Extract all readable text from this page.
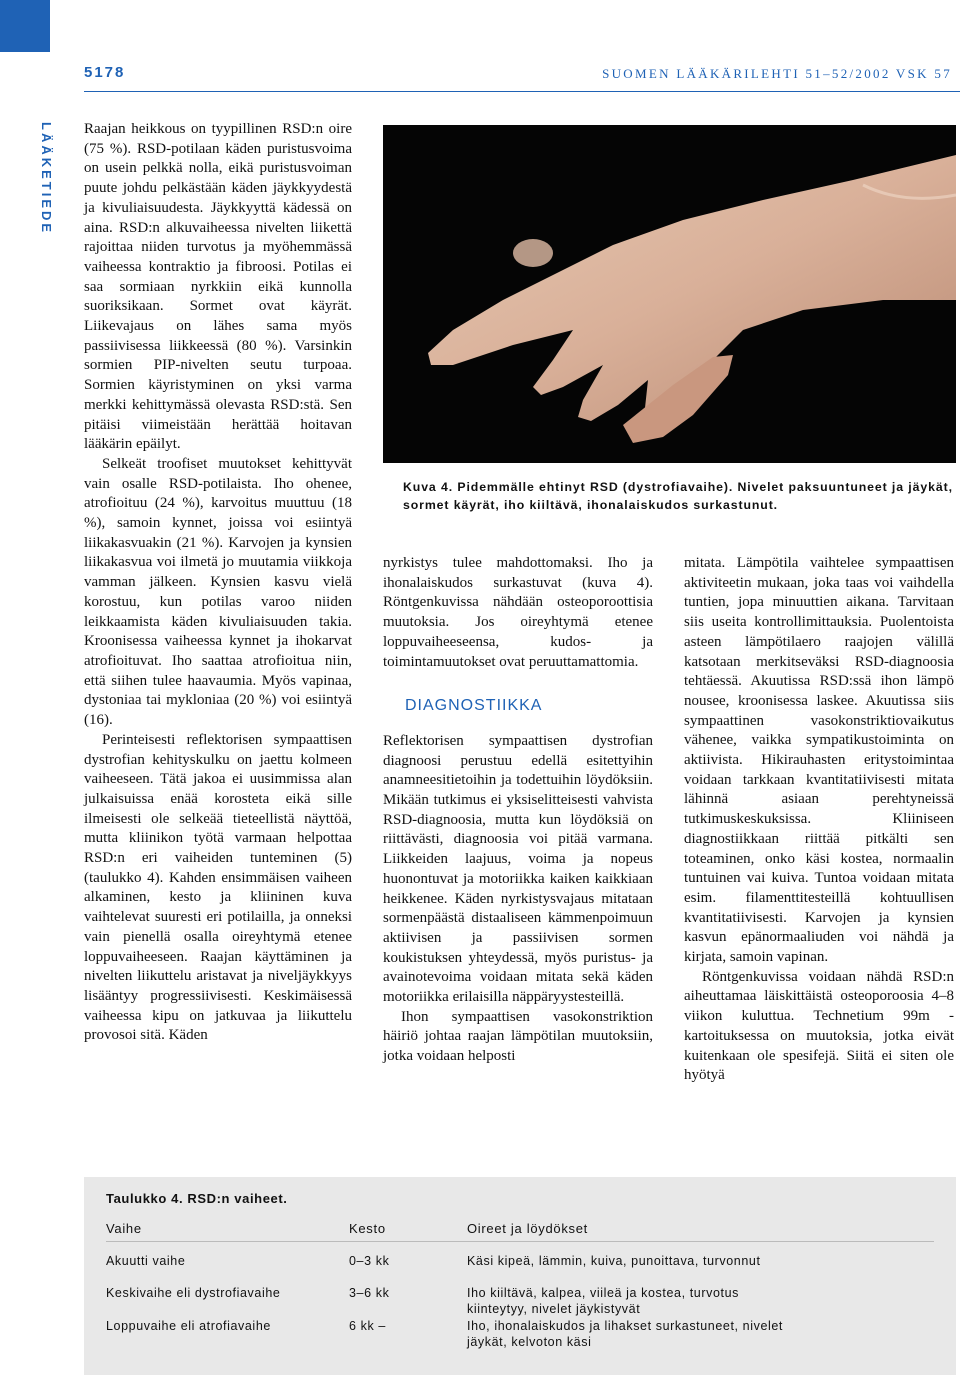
5178	SUOMEN LÄÄKÄRILEHTI 51–52/2002 VSK 57
LÄÄKETIEDE Raajan heikkous on tyypillinen RSD:n oire (75 %). RSD-potilaan käden puristusvoima on usein pelkkä nolla, eikä puristusvoiman puute johdu pelkästään käden jäykkyydestä ja kivuliaisuudesta. Jäykkyyttä kädessä on aina. RSD:n alkuvaiheessa nivelten liikettä rajoittaa niiden turvotus ja myöhemmässä vaiheessa kontraktio ja fibroosi. Potilas ei saa sormiaan nyrkkiin eikä kunnolla suoriksikaan. Sormet ovat käyrät. Liikevajaus on lähes sama myös passiivisessa liikkeessä (80 %). Varsinkin sormien PIP-nivelten seutu turpoaa. Sormien käyristyminen on yksi varma merkki kehittymässä olevasta RSD:stä. Sen pitäisi viimeistään herättää hoitavan lääkärin epäilyt.

Selkeät troofiset muutokset kehittyvät vain osalle RSD-potilaista. Iho ohenee, atrofioituu (24 %), karvoitus muuttuu (18 %), samoin kynnet, joissa voi esiintyä liikakasvuakin (21 %). Karvojen ja kynsien liikakasvua voi ilmetä jo muutamia viikkoja vamman jälkeen. Kynsien kasvu vielä korostuu, kun potilas varoo niiden leikkaamista käden kivuliaisuuden takia. Kroonisessa vaiheessa kynnet ja ihokarvat atrofioituvat. Iho saattaa atrofioitua niin, että siihen tulee haavaumia. Myös vapinaa, dystoniaa tai mykloniaa (20 %) voi esiintyä (16).

Perinteisesti reflektorisen sympaattisen dystrofian kehityskulku on jaettu kolmeen vaiheeseen. Tätä jakoa ei uusimmissa alan julkaisuissa enää korosteta eikä sille ilmeisesti ole selkeää tieteellistä näyttöä, mutta kliinikon työtä varmaan helpottaa RSD:n eri vaiheiden tunteminen (5) (taulukko 4). Kahden ensimmäisen vaiheen alkaminen, kesto ja kliininen kuva vaihtelevat suuresti eri potilailla, ja onneksi vain pienellä osalla oireyhtymä etenee loppuvaiheeseen. Raajan käyttäminen ja nivelten liikuttelu aristavat ja niveljäykkyys lisääntyy progressiivisesti. Keskimäisessä vaiheessa kipu on jatkuvaa ja liikuttelu provosoi sitä. Käden

Kuva 4. Pidemmälle ehtinyt RSD (dystrofiavaihe). Nivelet paksuuntuneet ja jäykät, sormet käyrät, iho kiiltävä, ihonalaiskudos surkastunut.

nyrkistys tulee mahdottomaksi. Iho ja ihonalaiskudos surkastuvat (kuva 4). Röntgenkuvissa nähdään osteoporoottisia muutoksia. Jos oireyhtymä etenee loppuvaiheeseensa, kudos- ja toimintamuutokset ovat peruuttamattomia.

DIAGNOSTIIKKA

Reflektorisen sympaattisen dystrofian diagnoosi perustuu edellä esitettyihin anamneesitietoihin ja todettuihin löydöksiin. Mikään tutkimus ei yksiselitteisesti vahvista RSD-diagnoosia, mutta kun löydöksiä on riittävästi, diagnoosia voi pitää varmana. Liikkeiden laajuus, voima ja nopeus huonontuvat ja motoriikka kaiken kaikkiaan heikkenee. Käden nyrkistysvajaus mitataan sormenpäästä distaaliseen kämmenpoimuun aktiivisen ja passiivisen sormen koukistuksen yhteydessä, myös puristus- ja avainotevoima voidaan mitata sekä käden motoriikka erilaisilla näppäryystesteillä.

Ihon sympaattisen vasokonstriktion häiriö johtaa raajan lämpötilan muutoksiin, jotka voidaan helposti

mitata. Lämpötila vaihtelee sympaattisen aktiviteetin mukaan, joka taas voi vaihdella tuntien, jopa minuuttien aikana. Tarvitaan siis useita kontrollimittauksia. Puolentoista asteen lämpötilaero raajojen välillä katsotaan merkitseväksi RSD-diagnoosia tehtäessä. Akuutissa RSD:ssä ihon lämpö nousee, kroonisessa laskee. Akuutissa siis sympaattinen vasokonstriktiovaikutus vähenee, vaikka sympatikustoiminta on aktiivista. Hikirauhasten eritystoimintaa voidaan tarkkaan kvantitatiivisesti mitata lähinnä asiaan perehtyneissä tutkimuskeskuksissa. Kliiniseen diagnostiikkaan riittää pitkälti sen toteaminen, onko käsi kostea, normaalin tuntuinen vai kuiva. Tuntoa voidaan mitata esim. filamenttitesteillä kohtuullisen kvantitatiivisesti. Karvojen ja kynsien kasvun epänormaaliuden voi nähdä ja kirjata, samoin vapinan.

Röntgenkuvissa voidaan nähdä RSD:n aiheuttamaa läiskittäistä osteoporoosia 4–8 viikon kuluttua. Technetium 99m -kartoituksessa on muutoksia, jotka eivät kuitenkaan ole spesifejä. Siitä ei siten ole hyötyä

Taulukko 4. RSD:n vaiheet.
Vaihe	Kesto	Oireet ja löydökset
Akuutti vaihe	0–3 kk	Käsi kipeä, lämmin, kuiva, punoittava, turvonnut
Keskivaihe eli dystrofiavaihe	3–6 kk	Iho kiiltävä, kalpea, viileä ja kostea, turvotus kiinteytyy, nivelet jäykistyvät
Loppuvaihe eli atrofiavaihe	6 kk –	Iho, ihonalaiskudos ja lihakset surkastuneet, nivelet jäykät, kelvoton käsi
